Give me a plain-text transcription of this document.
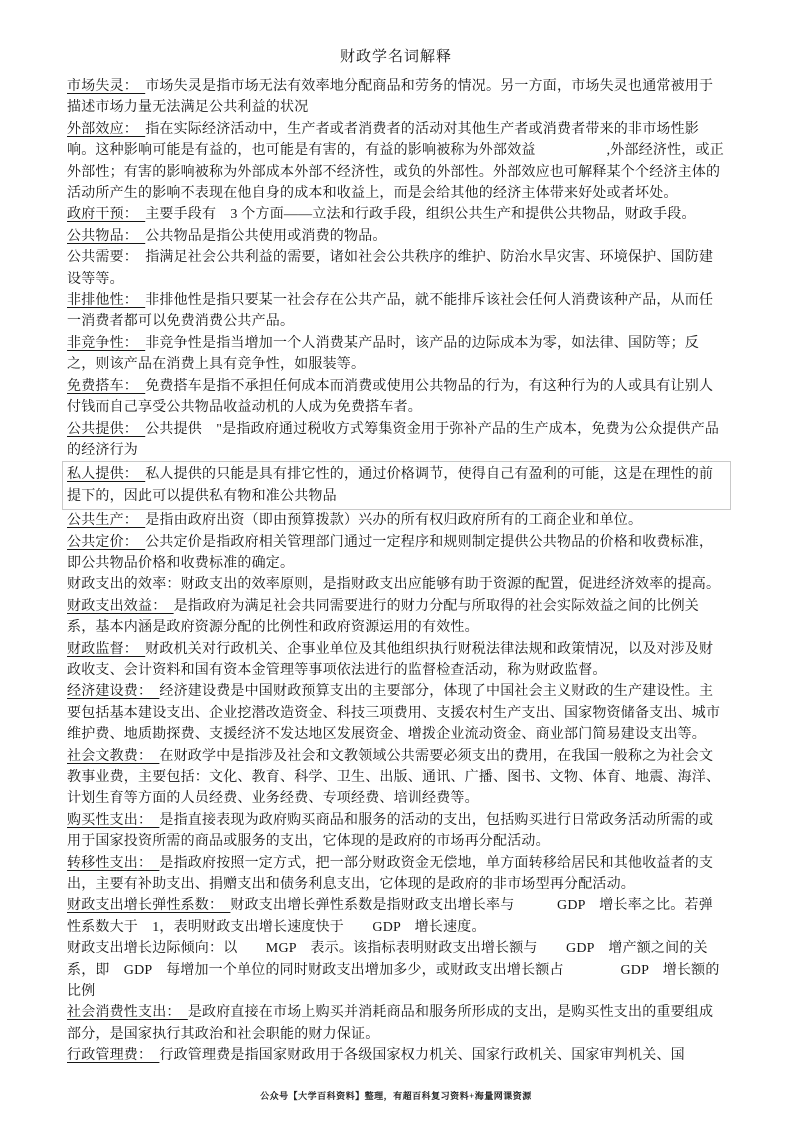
财政学名词解释

市场失灵：　市场失灵是指市场无法有效率地分配商品和劳务的情况。另一方面，市场失灵也通常被用于描述市场力量无法满足公共利益的状况

外部效应：　指在实际经济活动中，生产者或者消费者的活动对其他生产者或消费者带来的非市场性影响。这种影响可能是有益的，也可能是有害的，有益的影响被称为外部效益　　　　　,外部经济性，或正外部性；有害的影响被称为外部成本外部不经济性，或负的外部性。外部效应也可解释某个个经济主体的活动所产生的影响不表现在他自身的成本和收益上，而是会给其他的经济主体带来好处或者坏处。

政府干预：　主要手段有　3 个方面——立法和行政手段，组织公共生产和提供公共物品，财政手段。

公共物品：　公共物品是指公共使用或消费的物品。

公共需要：　指满足社会公共利益的需要，诸如社会公共秩序的维护、防治水旱灾害、环境保护、国防建设等等。

非排他性：　非排他性是指只要某一社会存在公共产品，就不能排斥该社会任何人消费该种产品，从而任一消费者都可以免费消费公共产品。

非竞争性：　非竞争性是指当增加一个人消费某产品时，该产品的边际成本为零，如法律、国防等；反之，则该产品在消费上具有竞争性，如服装等。

免费搭车：　免费搭车是指不承担任何成本而消费或使用公共物品的行为，有这种行为的人或具有让别人付钱而自己享受公共物品收益动机的人成为免费搭车者。

公共提供：　公共提供　"是指政府通过税收方式筹集资金用于弥补产品的生产成本，免费为公众提供产品的经济行为

私人提供：　私人提供的只能是具有排它性的，通过价格调节，使得自己有盈利的可能，这是在理性的前提下的，因此可以提供私有物和准公共物品

公共生产：　是指由政府出资（即由预算拨款）兴办的所有权归政府所有的工商企业和单位。

公共定价：　公共定价是指政府相关管理部门通过一定程序和规则制定提供公共物品的价格和收费标准，即公共物品价格和收费标准的确定。

财政支出的效率：财政支出的效率原则，是指财政支出应能够有助于资源的配置，促进经济效率的提高。

财政支出效益：　是指政府为满足社会共同需要进行的财力分配与所取得的社会实际效益之间的比例关系，基本内涵是政府资源分配的比例性和政府资源运用的有效性。

财政监督：　财政机关对行政机关、企事业单位及其他组织执行财税法律法规和政策情况，以及对涉及财政收支、会计资料和国有资本金管理等事项依法进行的监督检查活动，称为财政监督。

经济建设费：　经济建设费是中国财政预算支出的主要部分，体现了中国社会主义财政的生产建设性。主要包括基本建设支出、企业挖潜改造资金、科技三项费用、支援农村生产支出、国家物资储备支出、城市维护费、地质勘探费、支援经济不发达地区发展资金、增拨企业流动资金、商业部门简易建设支出等。

社会文教费：　在财政学中是指涉及社会和文教领域公共需要必须支出的费用，在我国一般称之为社会文教事业费，主要包括：文化、教育、科学、卫生、出版、通讯、广播、图书、文物、体育、地震、海洋、计划生育等方面的人员经费、业务经费、专项经费、培训经费等。

购买性支出：　是指直接表现为政府购买商品和服务的活动的支出，包括购买进行日常政务活动所需的或用于国家投资所需的商品或服务的支出，它体现的是政府的市场再分配活动。

转移性支出：　是指政府按照一定方式，把一部分财政资金无偿地，单方面转移给居民和其他收益者的支出，主要有补助支出、捐赠支出和债务利息支出，它体现的是政府的非市场型再分配活动。

财政支出增长弹性系数：　财政支出增长弹性系数是指财政支出增长率与　　　GDP　增长率之比。若弹性系数大于　1，表明财政支出增长速度快于　　GDP　增长速度。

财政支出增长边际倾向：以　　MGP　表示。该指标表明财政支出增长额与　　GDP　增产额之间的关系，即　GDP　每增加一个单位的同时财政支出增加多少，或财政支出增长额占　　　　GDP　增长额的比例

社会消费性支出：　是政府直接在市场上购买并消耗商品和服务所形成的支出，是购买性支出的重要组成部分，是国家执行其政治和社会职能的财力保证。

行政管理费：　行政管理费是指国家财政用于各级国家权力机关、国家行政机关、国家审判机关、国

公众号【大学百科资料】整理，有超百科复习资料+海量网课资源
